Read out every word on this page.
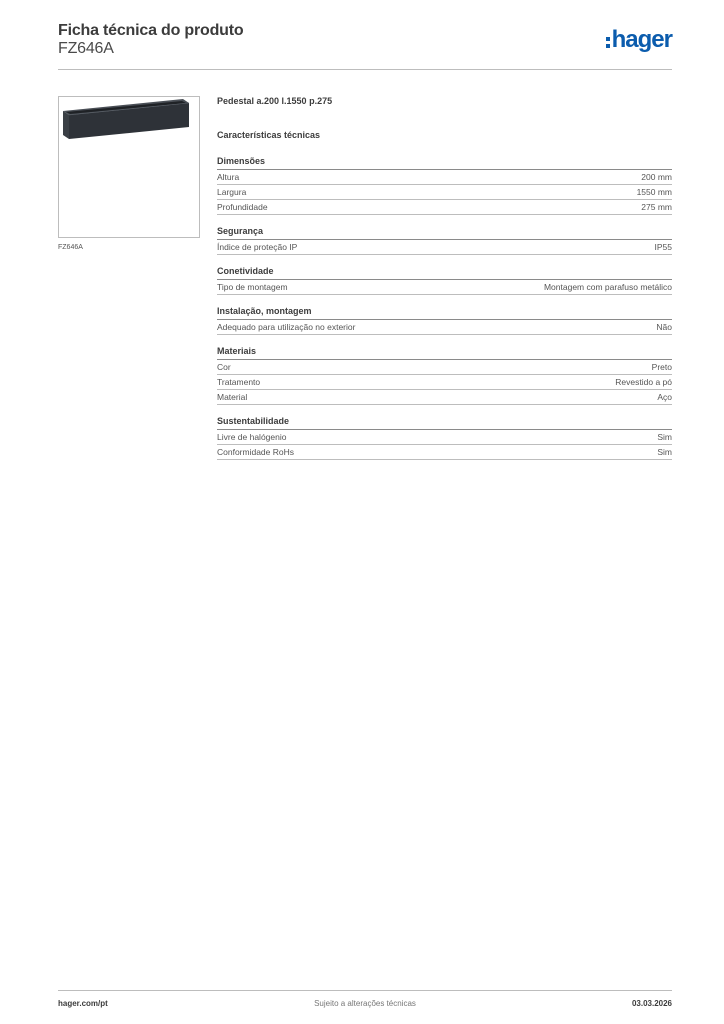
Ficha técnica do produto
FZ646A	hager
FZ646A
Pedestal a.200 l.1550 p.275
Características técnicas
Dimensões
Altura	200 mm
Largura	1550 mm
Profundidade	275 mm
Segurança
Índice de proteção IP	IP55
Conetividade
Tipo de montagem	Montagem com parafuso metálico
Instalação, montagem
Adequado para utilização no exterior	Não
Materiais
Cor	Preto
Tratamento	Revestido a pó
Material	Aço
Sustentabilidade
Livre de halógenio	Sim
Conformidade RoHs	Sim
hager.com/pt	Sujeito a alterações técnicas	03.03.2026
